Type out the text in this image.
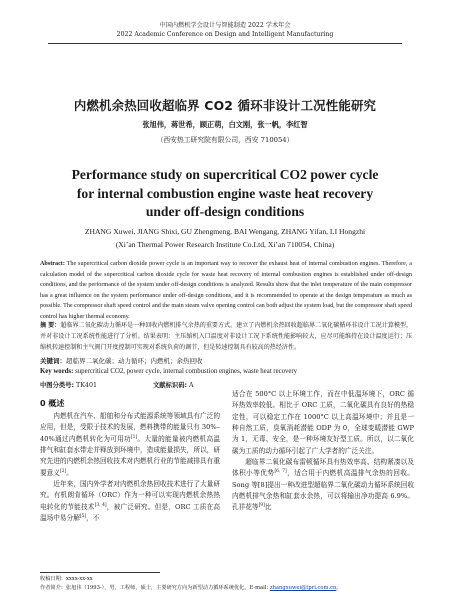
中国内燃机学会设计与智能制造 2022 学术年会
2022 Academic Conference on Design and Intelligent Manufacturing
内燃机余热回收超临界 CO2 循环非设计工况性能研究
张旭伟，蒋世希，顾正萌，白文刚，张一帆，李红智
（西安热工研究院有限公司，西安 710054）
Performance study on supercritical CO2 power cycle
for internal combustion engine waste heat recovery
under off-design conditions
ZHANG Xuwei, JIANG Shixi, GU Zhengmeng, BAI Wengang, ZHANG Yifan, LI Hongzhi
(Xi’an Thermal Power Research Institute Co.Ltd, Xi’an 710054, China)
Abstract: The supercritical carbon dioxide power cycle is an important way to recover the exhaust heat of internal combustion engines. Therefore, a calculation model of the supercritical carbon dioxide cycle for waste heat recovery of internal combustion engines is established under off-design conditions, and the performance of the system under off-design conditions is analyzed. Results show that the inlet temperature of the main compressor has a great influence on the system performance under off-design conditions, and it is recommended to operate at the design temperature as much as possible. The compressor shaft speed control and the main steam valve opening control can both adjust the system load, but the compressor shaft speed control has higher thermal economy.
摘 要：超临界二氧化碳动力循环是一种回收内燃机排气余热的重要方式。建立了内燃机余热回收超临界二氧化碳循环非设计工况计算模型，并对非设计工况系统性能进行了分析。结果表明：主压缩机入口温度对非设计工况下系统性能影响较大，应尽可能维持在设计温度运行；压缩机转速控制和主气阀门开度控制可实现对系统负荷的调节，但是转速控制具有较高的热经济性。
关键词：超临界二氧化碳；动力循环；内燃机；余热回收
Key words: supercritical CO2, power cycle, internal combustion engines, waste heat recovery
中图分类号: TK401	文献标识码: A
0 概述

内燃机在汽车、船舶和分布式能源系统等领域具有广泛的应用，但是，受限于技术的发展，燃料携带的能量只有 30%–40%通过内燃机转化为可用功[1]。大量的能量被内燃机高温排气和缸套水带走并释放到环境中，造成能量损失，所以，研究先进的内燃机余热回收技术对内燃机行业的节能减排具有重要意义[2]。

近年来，国内外学者对内燃机余热回收技术进行了大量研究。有机朗肯循环（ORC）作为一种可以实现内燃机余热热电转化的节能技术[3, 4]，被广泛研究。但是，ORC 工质在高温场中易分解[5]，不

适合在 500°C 以上环境工作，而在中低温环境下，ORC 循环热效率较低。相比于 ORC 工质，二氧化碳具有良好的热稳定性，可以稳定工作在 1000°C 以上高温环境中；并且是一种自然工质，臭氧消耗潜能 ODP 为 0，全球变暖潜能 GWP 为 1，无毒、安全，是一种环境友好型工质。所以，以二氧化碳为工质的动力循环引起了广大学者的广泛关注。

超临界二氧化碳布雷顿循环具有热效率高、结构紧凑以及体积小等优势[6, 7]，适合用于内燃机高温排气余热的回收。Song 等[8]提出一种改进型超临界二氧化碳动力循环系统回收内燃机排气余热和缸套水余热，可以将输出净功提高 6.9%。孔祥花等[9]比

收稿日期：xxxx-xx-xx
作者简介：张旭伟（1993-），男，工程师，硕士，主要研究方向为新型动力循环系统优化。E-mail: zhangxuwei@tpri.com.cn。
